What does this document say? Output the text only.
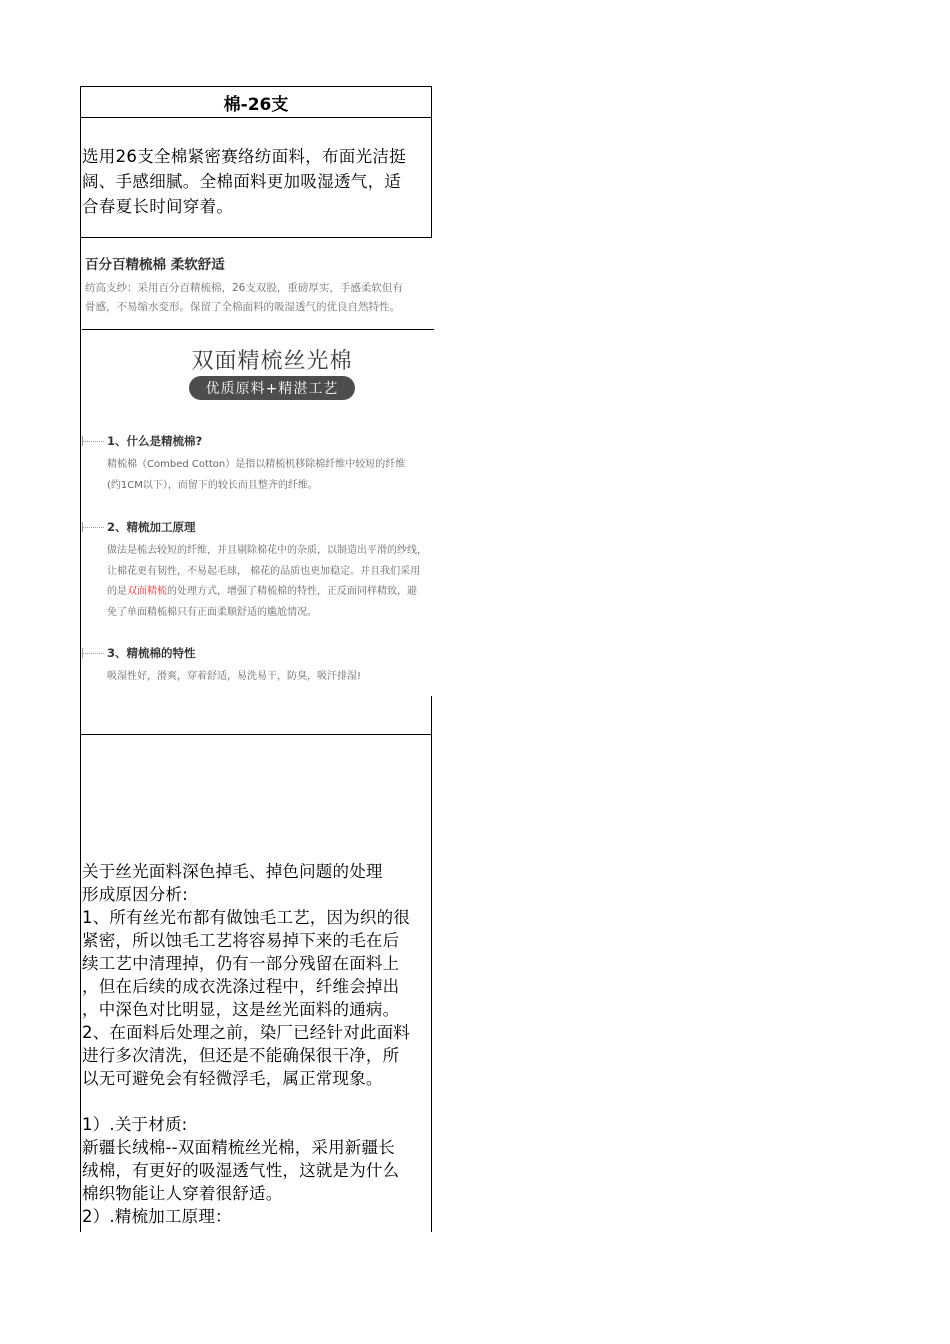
棉-26支
选用26支全棉紧密赛络纺面料，布面光洁挺
阔、手感细腻。全棉面料更加吸湿透气，适
合春夏长时间穿着。
百分百精梳棉 柔软舒适
纺高支纱：采用百分百精梳棉，26支双股，重磅厚实，手感柔软但有
骨感，不易缩水变形。保留了全棉面料的吸湿透气的优良自然特性。
双面精梳丝光棉
优质原料+精湛工艺
1、什么是精梳棉?
精梳棉（Combed Cotton）是指以精梳机移除棉纤维中较短的纤维
(约1CM以下），而留下的较长而且整齐的纤维。
2、精梳加工原理
做法是梳去较短的纤维，并且剔除棉花中的杂质，以制造出平滑的纱线，
让棉花更有韧性，不易起毛球， 棉花的品质也更加稳定。并且我们采用
的是双面精梳的处理方式，增强了精梳棉的特性，正反面同样精致，避
免了单面精梳棉只有正面柔顺舒适的尴尬情况。
3、精梳棉的特性
吸湿性好，滑爽，穿着舒适，易洗易干，防臭，吸汗排湿!
关于丝光面料深色掉毛、掉色问题的处理
形成原因分析:
1、所有丝光布都有做蚀毛工艺，因为织的很
紧密，所以蚀毛工艺将容易掉下来的毛在后
续工艺中清理掉，仍有一部分残留在面料上
，但在后续的成衣洗涤过程中，纤维会掉出
，中深色对比明显，这是丝光面料的通病。
2、在面料后处理之前，染厂已经针对此面料
进行多次清洗，但还是不能确保很干净，所
以无可避免会有轻微浮毛，属正常现象。
1）.关于材质:
新疆长绒棉--双面精梳丝光棉，采用新疆长
绒棉，有更好的吸湿透气性，这就是为什么
棉织物能让人穿着很舒适。
2）.精梳加工原理：
